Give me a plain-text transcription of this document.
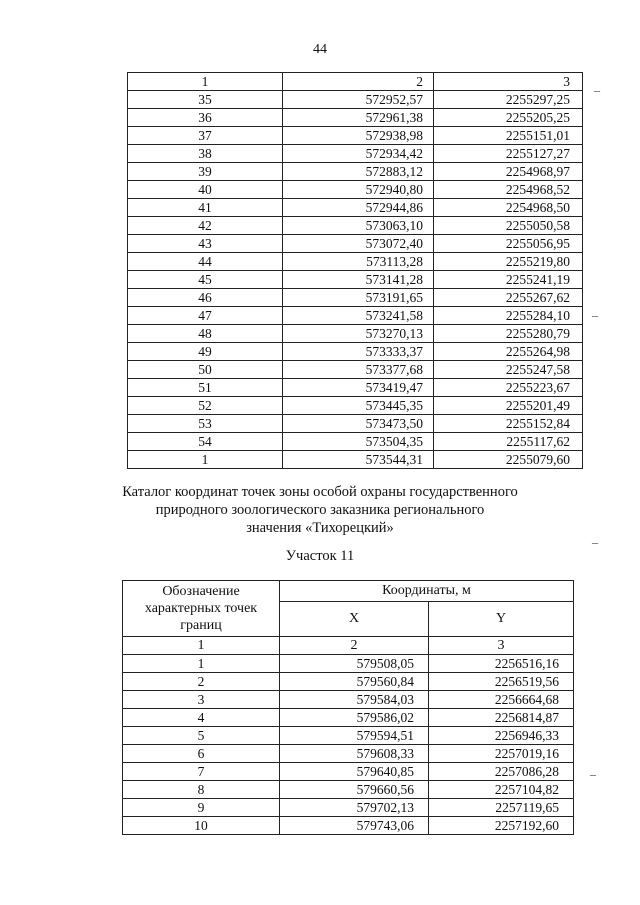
44
1	2	3
35	572952,57	2255297,25
36	572961,38	2255205,25
37	572938,98	2255151,01
38	572934,42	2255127,27
39	572883,12	2254968,97
40	572940,80	2254968,52
41	572944,86	2254968,50
42	573063,10	2255050,58
43	573072,40	2255056,95
44	573113,28	2255219,80
45	573141,28	2255241,19
46	573191,65	2255267,62
47	573241,58	2255284,10
48	573270,13	2255280,79
49	573333,37	2255264,98
50	573377,68	2255247,58
51	573419,47	2255223,67
52	573445,35	2255201,49
53	573473,50	2255152,84
54	573504,35	2255117,62
1	573544,31	2255079,60
Каталог координат точек зоны особой охраны государственного
природного зоологического заказника регионального
значения «Тихорецкий»
Участок 11
Обозначение характерных точек границ	Координаты, м	
	X	Y
1	2	3
1	579508,05	2256516,16
2	579560,84	2256519,56
3	579584,03	2256664,68
4	579586,02	2256814,87
5	579594,51	2256946,33
6	579608,33	2257019,16
7	579640,85	2257086,28
8	579660,56	2257104,82
9	579702,13	2257119,65
10	579743,06	2257192,60
‒
‒
‒
‒
